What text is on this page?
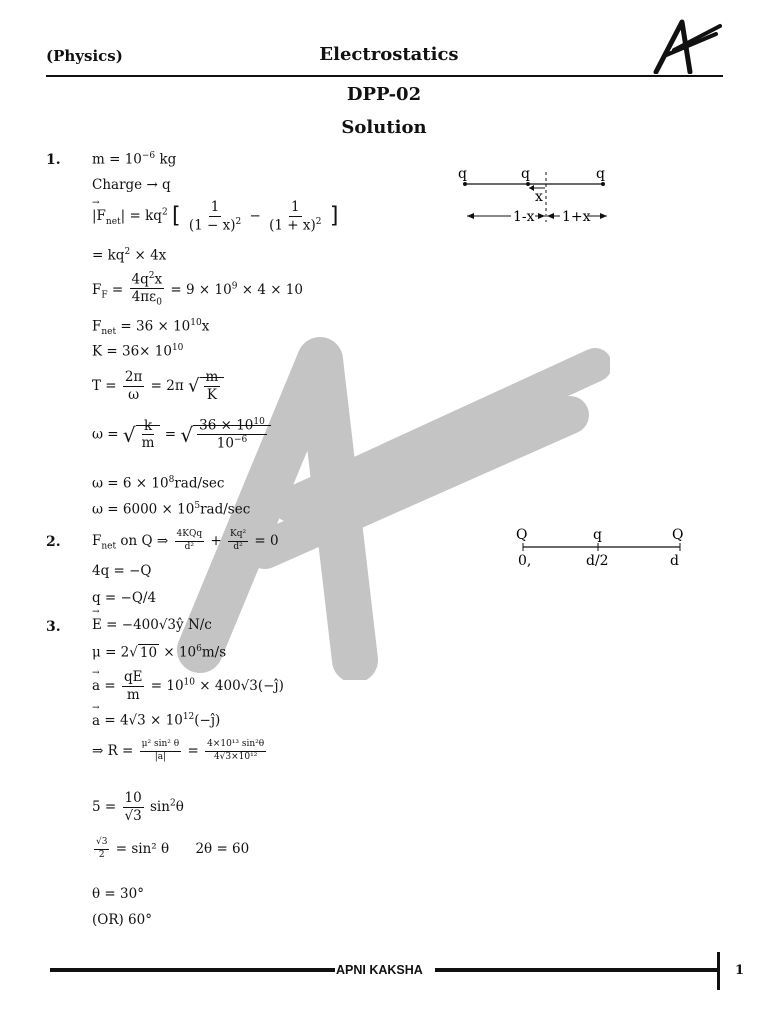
(Physics)	Electrostatics
DPP-02
Solution
1.
2.
3.
$m = 10^{-6}$ kg
Charge → q
→ $|F_{net}| = kq^2$ [ $\frac{1}{(1 - x)^2} - \frac{1}{(1 + x)^2}$ ]
= $kq^2 \times 4x$
$F_F = \frac{4q^2x}{4\pi\varepsilon_0} = 9 \times 10^9 \times 4 \times 10$
$F_{net} = 36 \times 10^{10}x$
$K = 36\times 10^{10}$
$T = \frac{2\pi}{\omega} = 2\pi$ √ $\frac{m}{K}$
ω = √ $\frac{k}{m}$ = √ $\frac{36 \times 10^{10}}{10^{-6}}$
$\omega = 6 \times 10^8rad/\sec$
$\omega = 6000 \times 10^5rad/\sec$
q	q	q
x
1-x 1+x
$F_{net}$ on Q ⇒ $\frac{\text{4KQq}}{\text{d²}} + \frac{\text{Kq²}}{\text{d²}} = 0$
4q = −Q
q = −Q/4
Q	q	Q
0,	d/2	d
→ E = −400√3ŷ N/c
μ = 2√ $10 \times 10^6m/s$
→ $a = \frac{qE}{m} = 10^{10}$ × 400√3(−ĵ)
→ $a = 4√3 \times 10^{12}(-ĵ)$
⇒ $R = \frac{\text{μ² sin² θ}}{|a|} = \frac{\text{4×10¹³ sin²θ}}{\text{4√3×10¹²}}$
$5 = \frac{10}{√3} \sin^2\theta$
$\frac{√3}{2} = \sin^2$ θ 2θ = 60
θ = 30°
(OR) 60°
APNI KAKSHA	1
